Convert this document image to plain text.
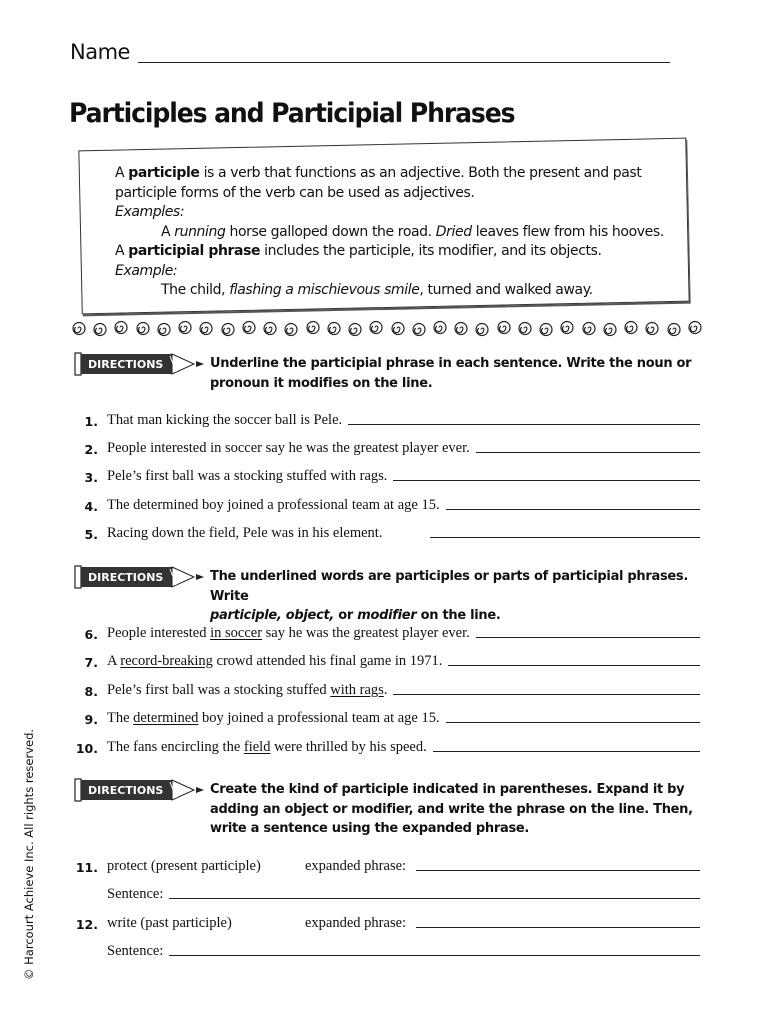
Name
Participles and Participial Phrases
A participle is a verb that functions as an adjective. Both the present and past
participle forms of the verb can be used as adjectives.
Examples:
A running horse galloped down the road. Dried leaves flew from his hooves.
A participial phrase includes the participle, its modifier, and its objects.
Example:
The child, flashing a mischievous smile, turned and walked away.
DIRECTIONS	Underline the participial phrase in each sentence. Write the noun or pronoun it modifies on the line.
1. That man kicking the soccer ball is Pele.
2. People interested in soccer say he was the greatest player ever.
3. Pele’s first ball was a stocking stuffed with rags.
4. The determined boy joined a professional team at age 15.
5. Racing down the field, Pele was in his element.
DIRECTIONS	The underlined words are participles or parts of participial phrases. Write
participle, object, or modifier on the line.
6. People interested in soccer say he was the greatest player ever.
7. A record-breaking crowd attended his final game in 1971.
8. Pele’s first ball was a stocking stuffed with rags.
9. The determined boy joined a professional team at age 15.
10. The fans encircling the field were thrilled by his speed.
DIRECTIONS	Create the kind of participle indicated in parentheses. Expand it by adding an object or modifier, and write the phrase on the line. Then, write a sentence using the expanded phrase.
11. protect (present participle)	expanded phrase:
Sentence:
12. write (past participle)	expanded phrase:
Sentence:
© Harcourt Achieve Inc. All rights reserved.
